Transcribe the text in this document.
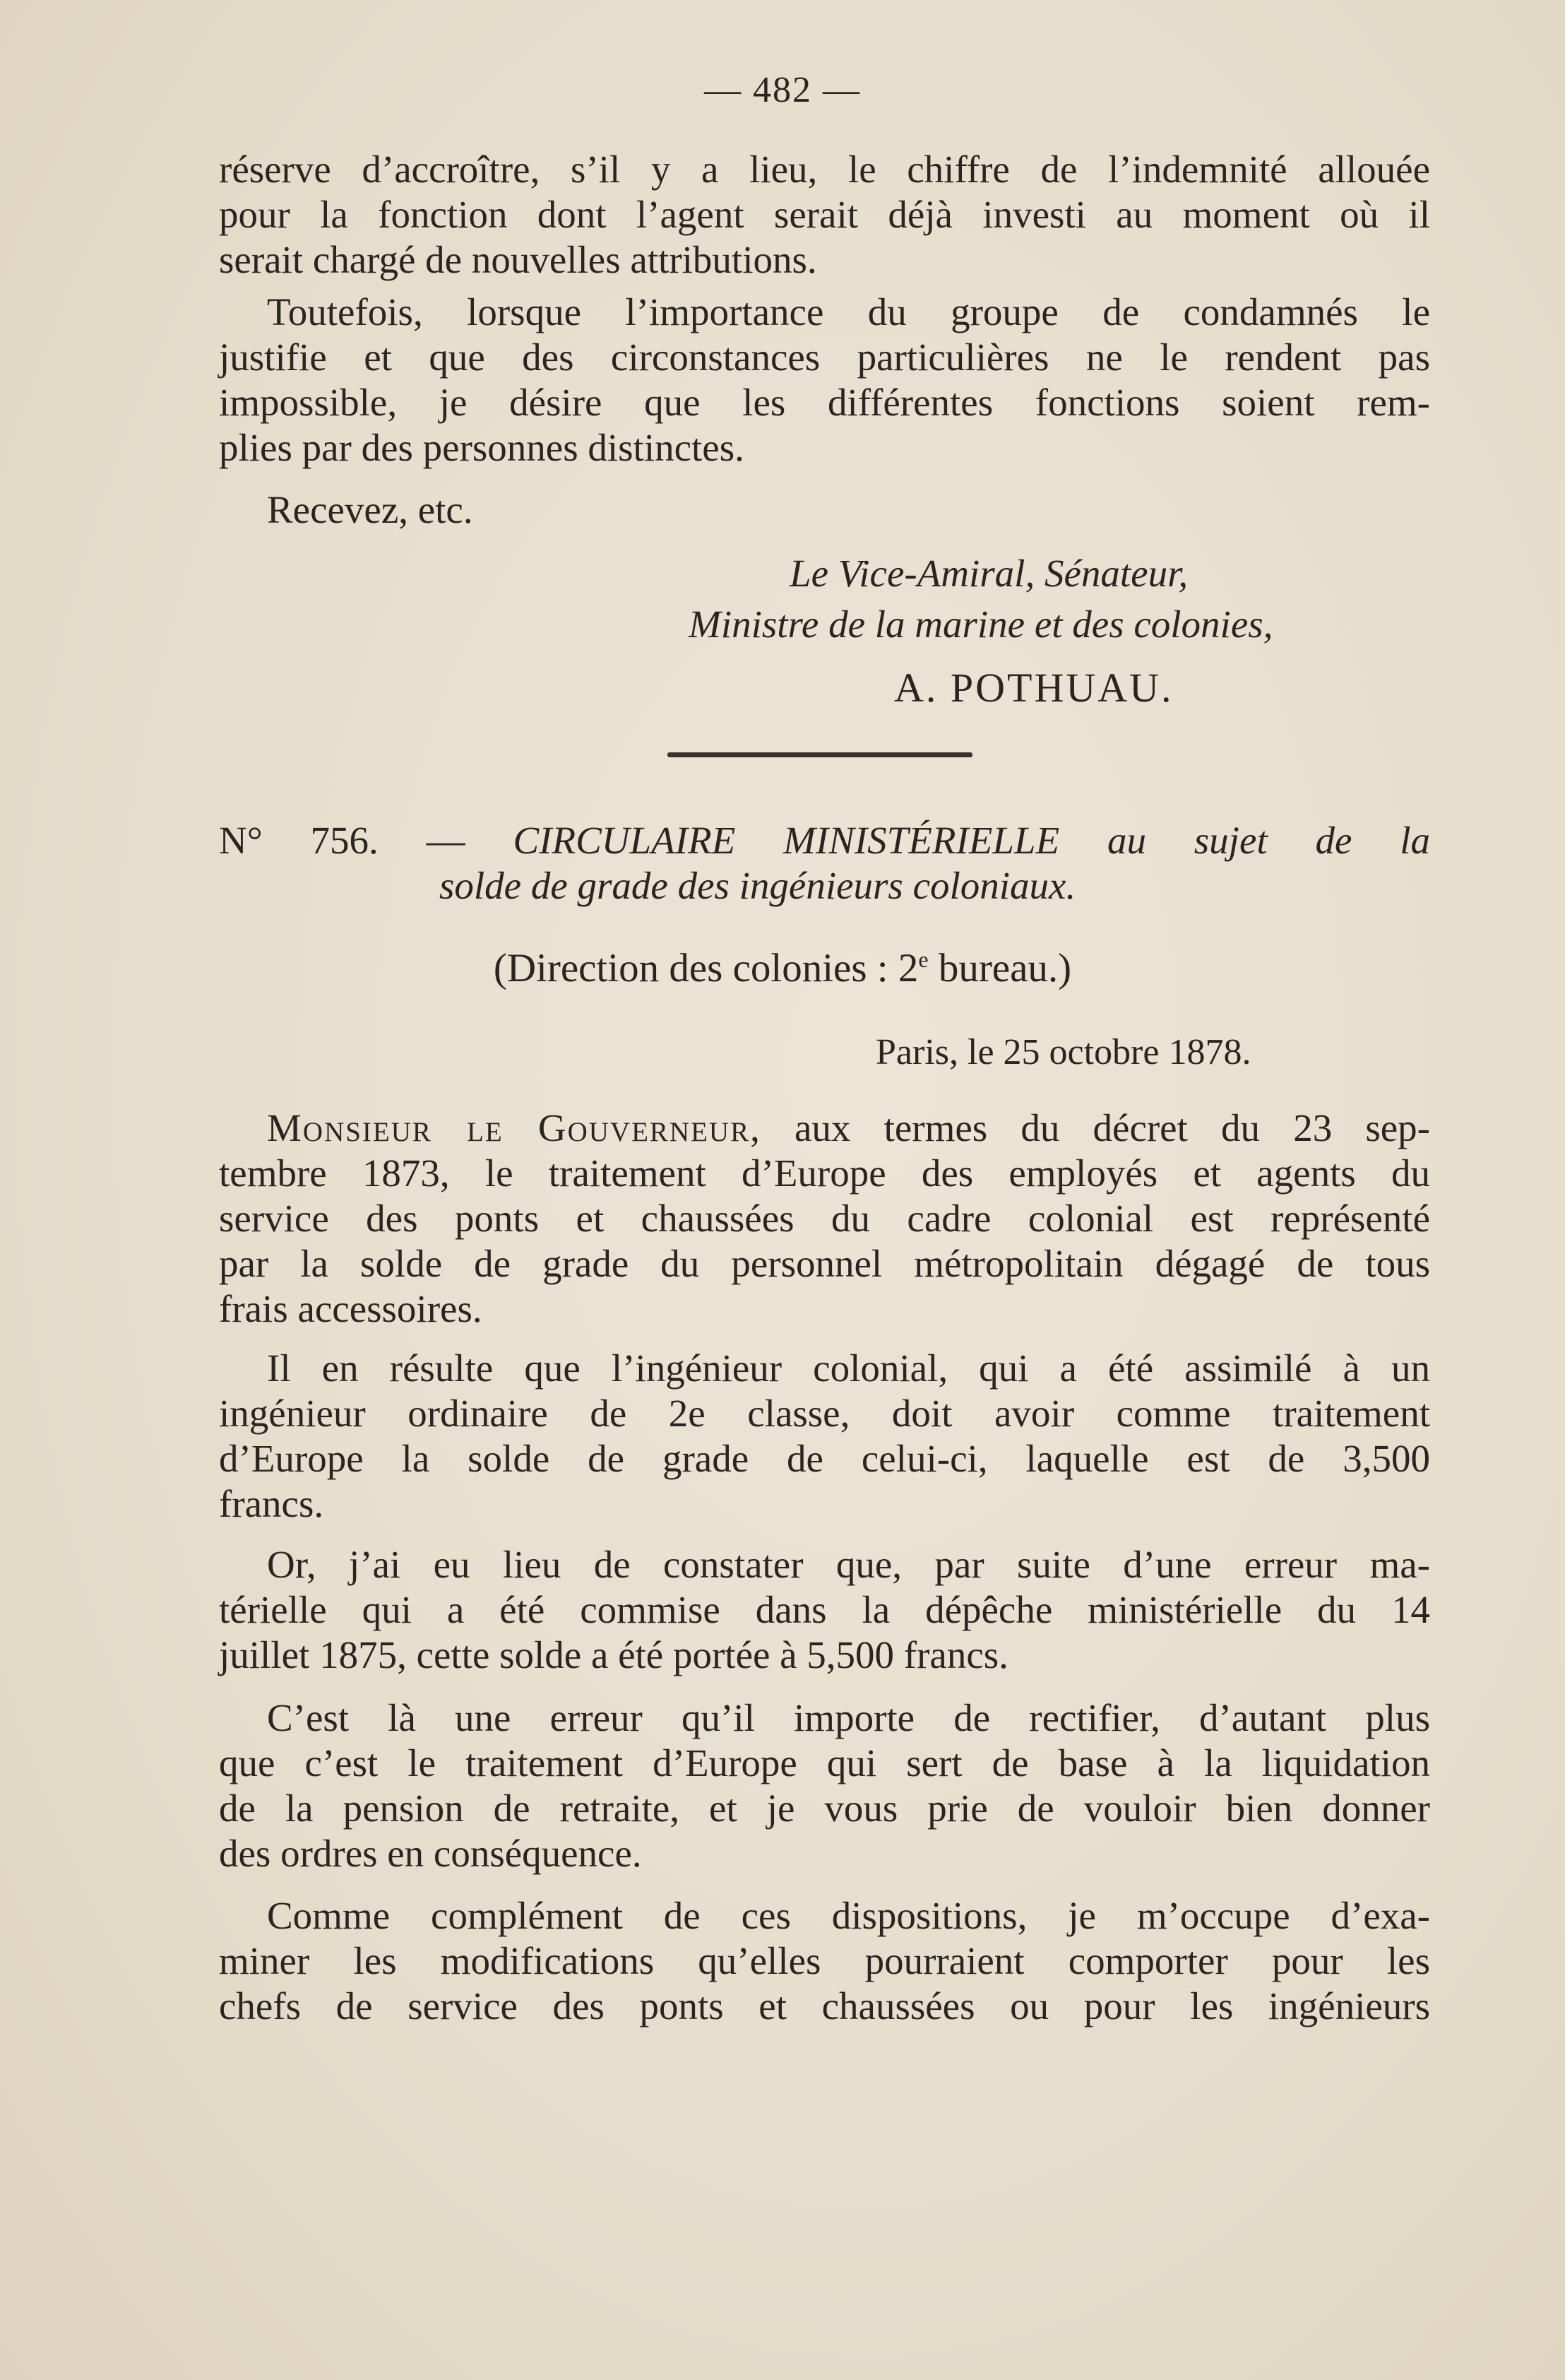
— 482 —
réserve d’accroître, s’il y a lieu, le chiffre de l’indemnité allouée
pour la fonction dont l’agent serait déjà investi au moment où il
serait chargé de nouvelles attributions.
Toutefois, lorsque l’importance du groupe de condamnés le
justifie et que des circonstances particulières ne le rendent pas
impossible, je désire que les différentes fonctions soient rem-
plies par des personnes distinctes.
Recevez, etc.
Le Vice-Amiral, Sénateur,
Ministre de la marine et des colonies,
A. POTHUAU.
N° 756. — CIRCULAIRE MINISTÉRIELLE au sujet de la
solde de grade des ingénieurs coloniaux.
(Direction des colonies : 2e bureau.)
Paris, le 25 octobre 1878.
Monsieur le Gouverneur, aux termes du décret du 23 sep-
tembre 1873, le traitement d’Europe des employés et agents du
service des ponts et chaussées du cadre colonial est représenté
par la solde de grade du personnel métropolitain dégagé de tous
frais accessoires.
Il en résulte que l’ingénieur colonial, qui a été assimilé à un
ingénieur ordinaire de 2e classe, doit avoir comme traitement
d’Europe la solde de grade de celui-ci, laquelle est de 3,500
francs.
Or, j’ai eu lieu de constater que, par suite d’une erreur ma-
térielle qui a été commise dans la dépêche ministérielle du 14
juillet 1875, cette solde a été portée à 5,500 francs.
C’est là une erreur qu’il importe de rectifier, d’autant plus
que c’est le traitement d’Europe qui sert de base à la liquidation
de la pension de retraite, et je vous prie de vouloir bien donner
des ordres en conséquence.
Comme complément de ces dispositions, je m’occupe d’exa-
miner les modifications qu’elles pourraient comporter pour les
chefs de service des ponts et chaussées ou pour les ingénieurs
